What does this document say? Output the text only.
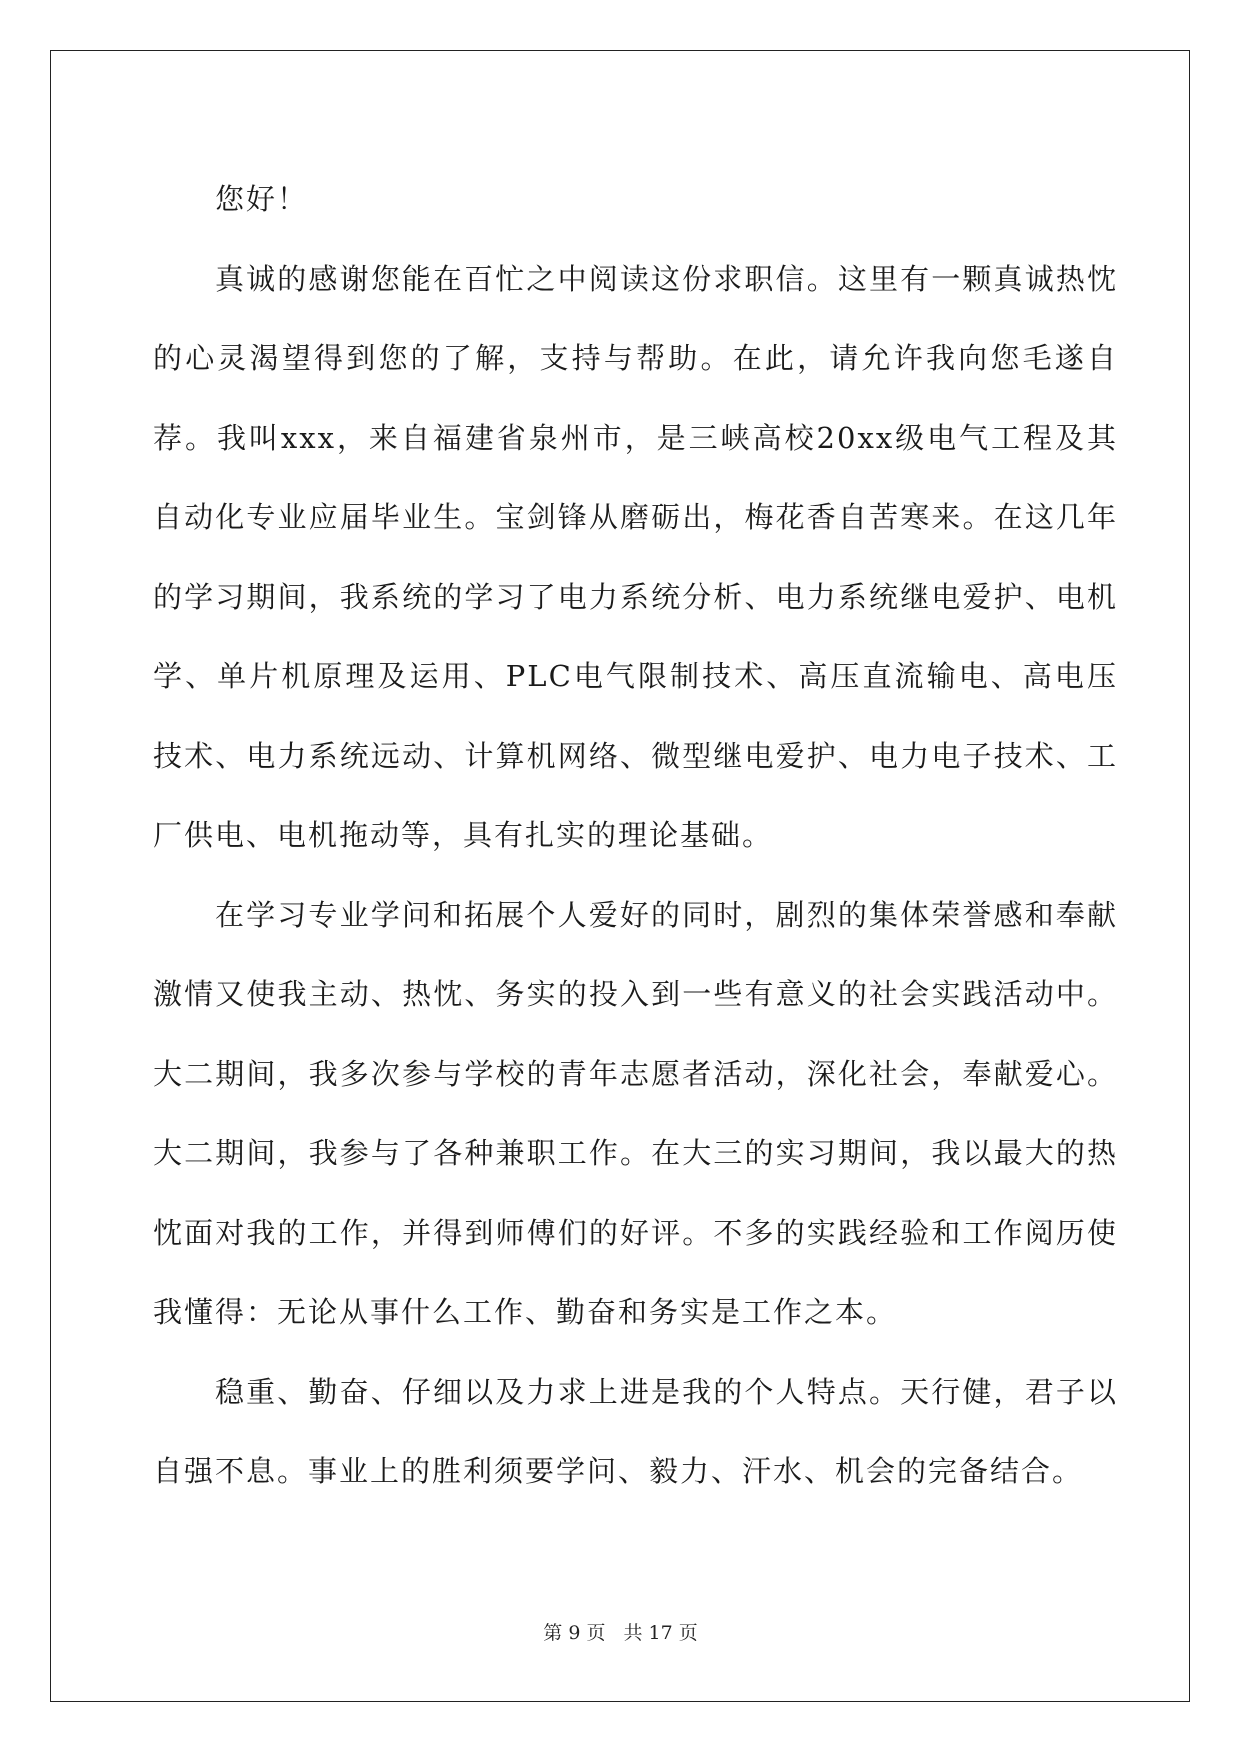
您好！

真诚的感谢您能在百忙之中阅读这份求职信。这里有一颗真诚热忱的心灵渴望得到您的了解，支持与帮助。在此，请允许我向您毛遂自荐。我叫xxx，来自福建省泉州市，是三峡高校20xx级电气工程及其自动化专业应届毕业生。宝剑锋从磨砺出，梅花香自苦寒来。在这几年的学习期间，我系统的学习了电力系统分析、电力系统继电爱护、电机学、单片机原理及运用、PLC电气限制技术、高压直流输电、高电压技术、电力系统远动、计算机网络、微型继电爱护、电力电子技术、工厂供电、电机拖动等，具有扎实的理论基础。

在学习专业学问和拓展个人爱好的同时，剧烈的集体荣誉感和奉献激情又使我主动、热忱、务实的投入到一些有意义的社会实践活动中。大二期间，我多次参与学校的青年志愿者活动，深化社会，奉献爱心。大二期间，我参与了各种兼职工作。在大三的实习期间，我以最大的热忱面对我的工作，并得到师傅们的好评。不多的实践经验和工作阅历使我懂得：无论从事什么工作、勤奋和务实是工作之本。

稳重、勤奋、仔细以及力求上进是我的个人特点。天行健，君子以自强不息。事业上的胜利须要学问、毅力、汗水、机会的完备结合。

第 9 页 共 17 页
